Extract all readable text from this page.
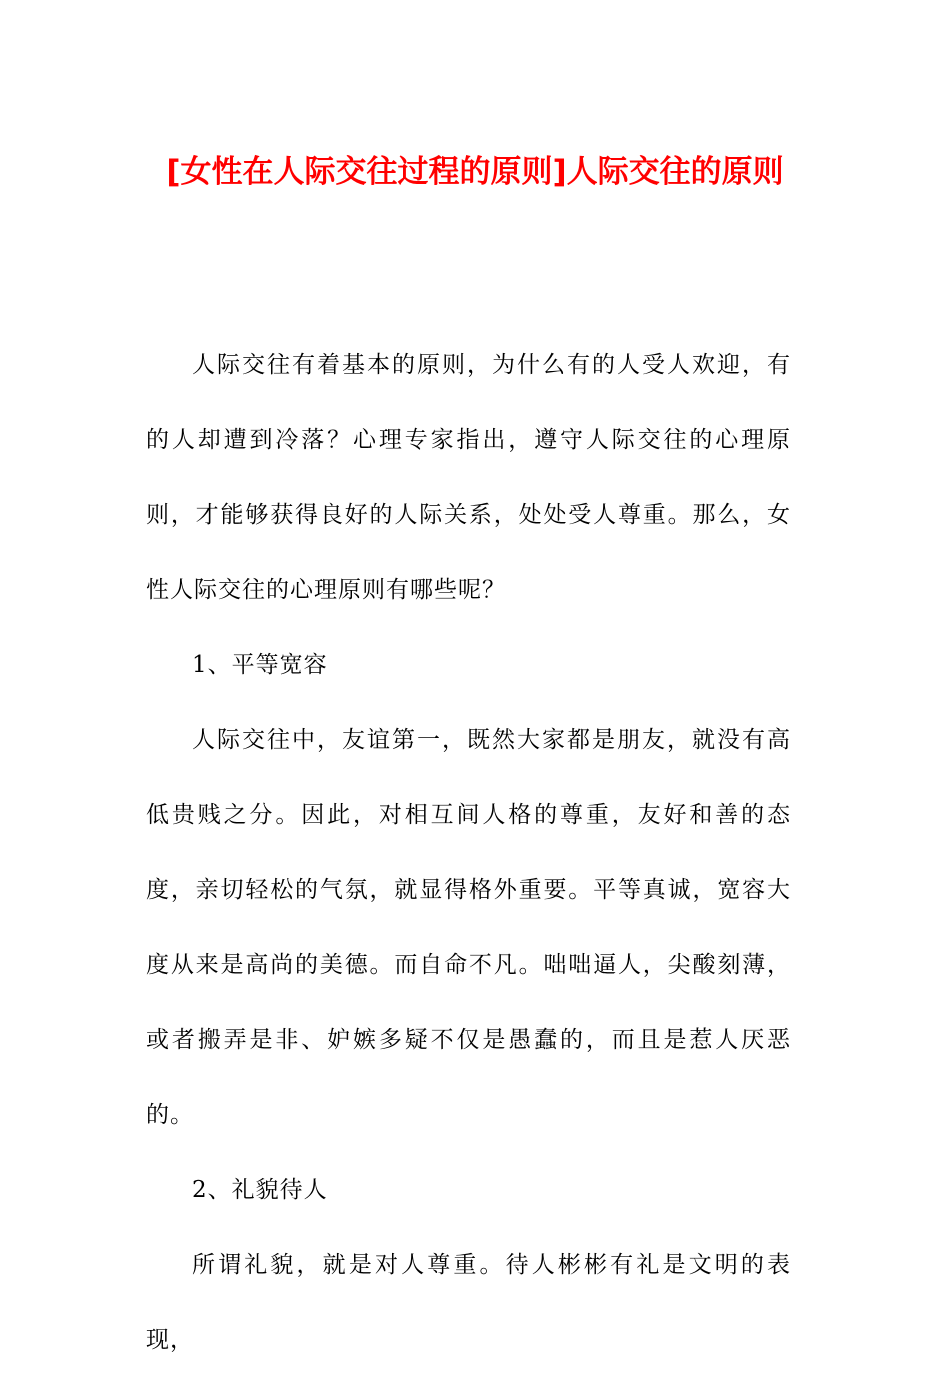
[女性在人际交往过程的原则]人际交往的原则

人际交往有着基本的原则，为什么有的人受人欢迎，有的人却遭到冷落？心理专家指出，遵守人际交往的心理原则，才能够获得良好的人际关系，处处受人尊重。那么，女性人际交往的心理原则有哪些呢？

1、平等宽容

人际交往中，友谊第一，既然大家都是朋友，就没有高低贵贱之分。因此，对相互间人格的尊重，友好和善的态度，亲切轻松的气氛，就显得格外重要。平等真诚，宽容大度从来是高尚的美德。而自命不凡。咄咄逼人，尖酸刻薄，或者搬弄是非、妒嫉多疑不仅是愚蠢的，而且是惹人厌恶的。

2、礼貌待人

所谓礼貌，就是对人尊重。待人彬彬有礼是文明的表现，
